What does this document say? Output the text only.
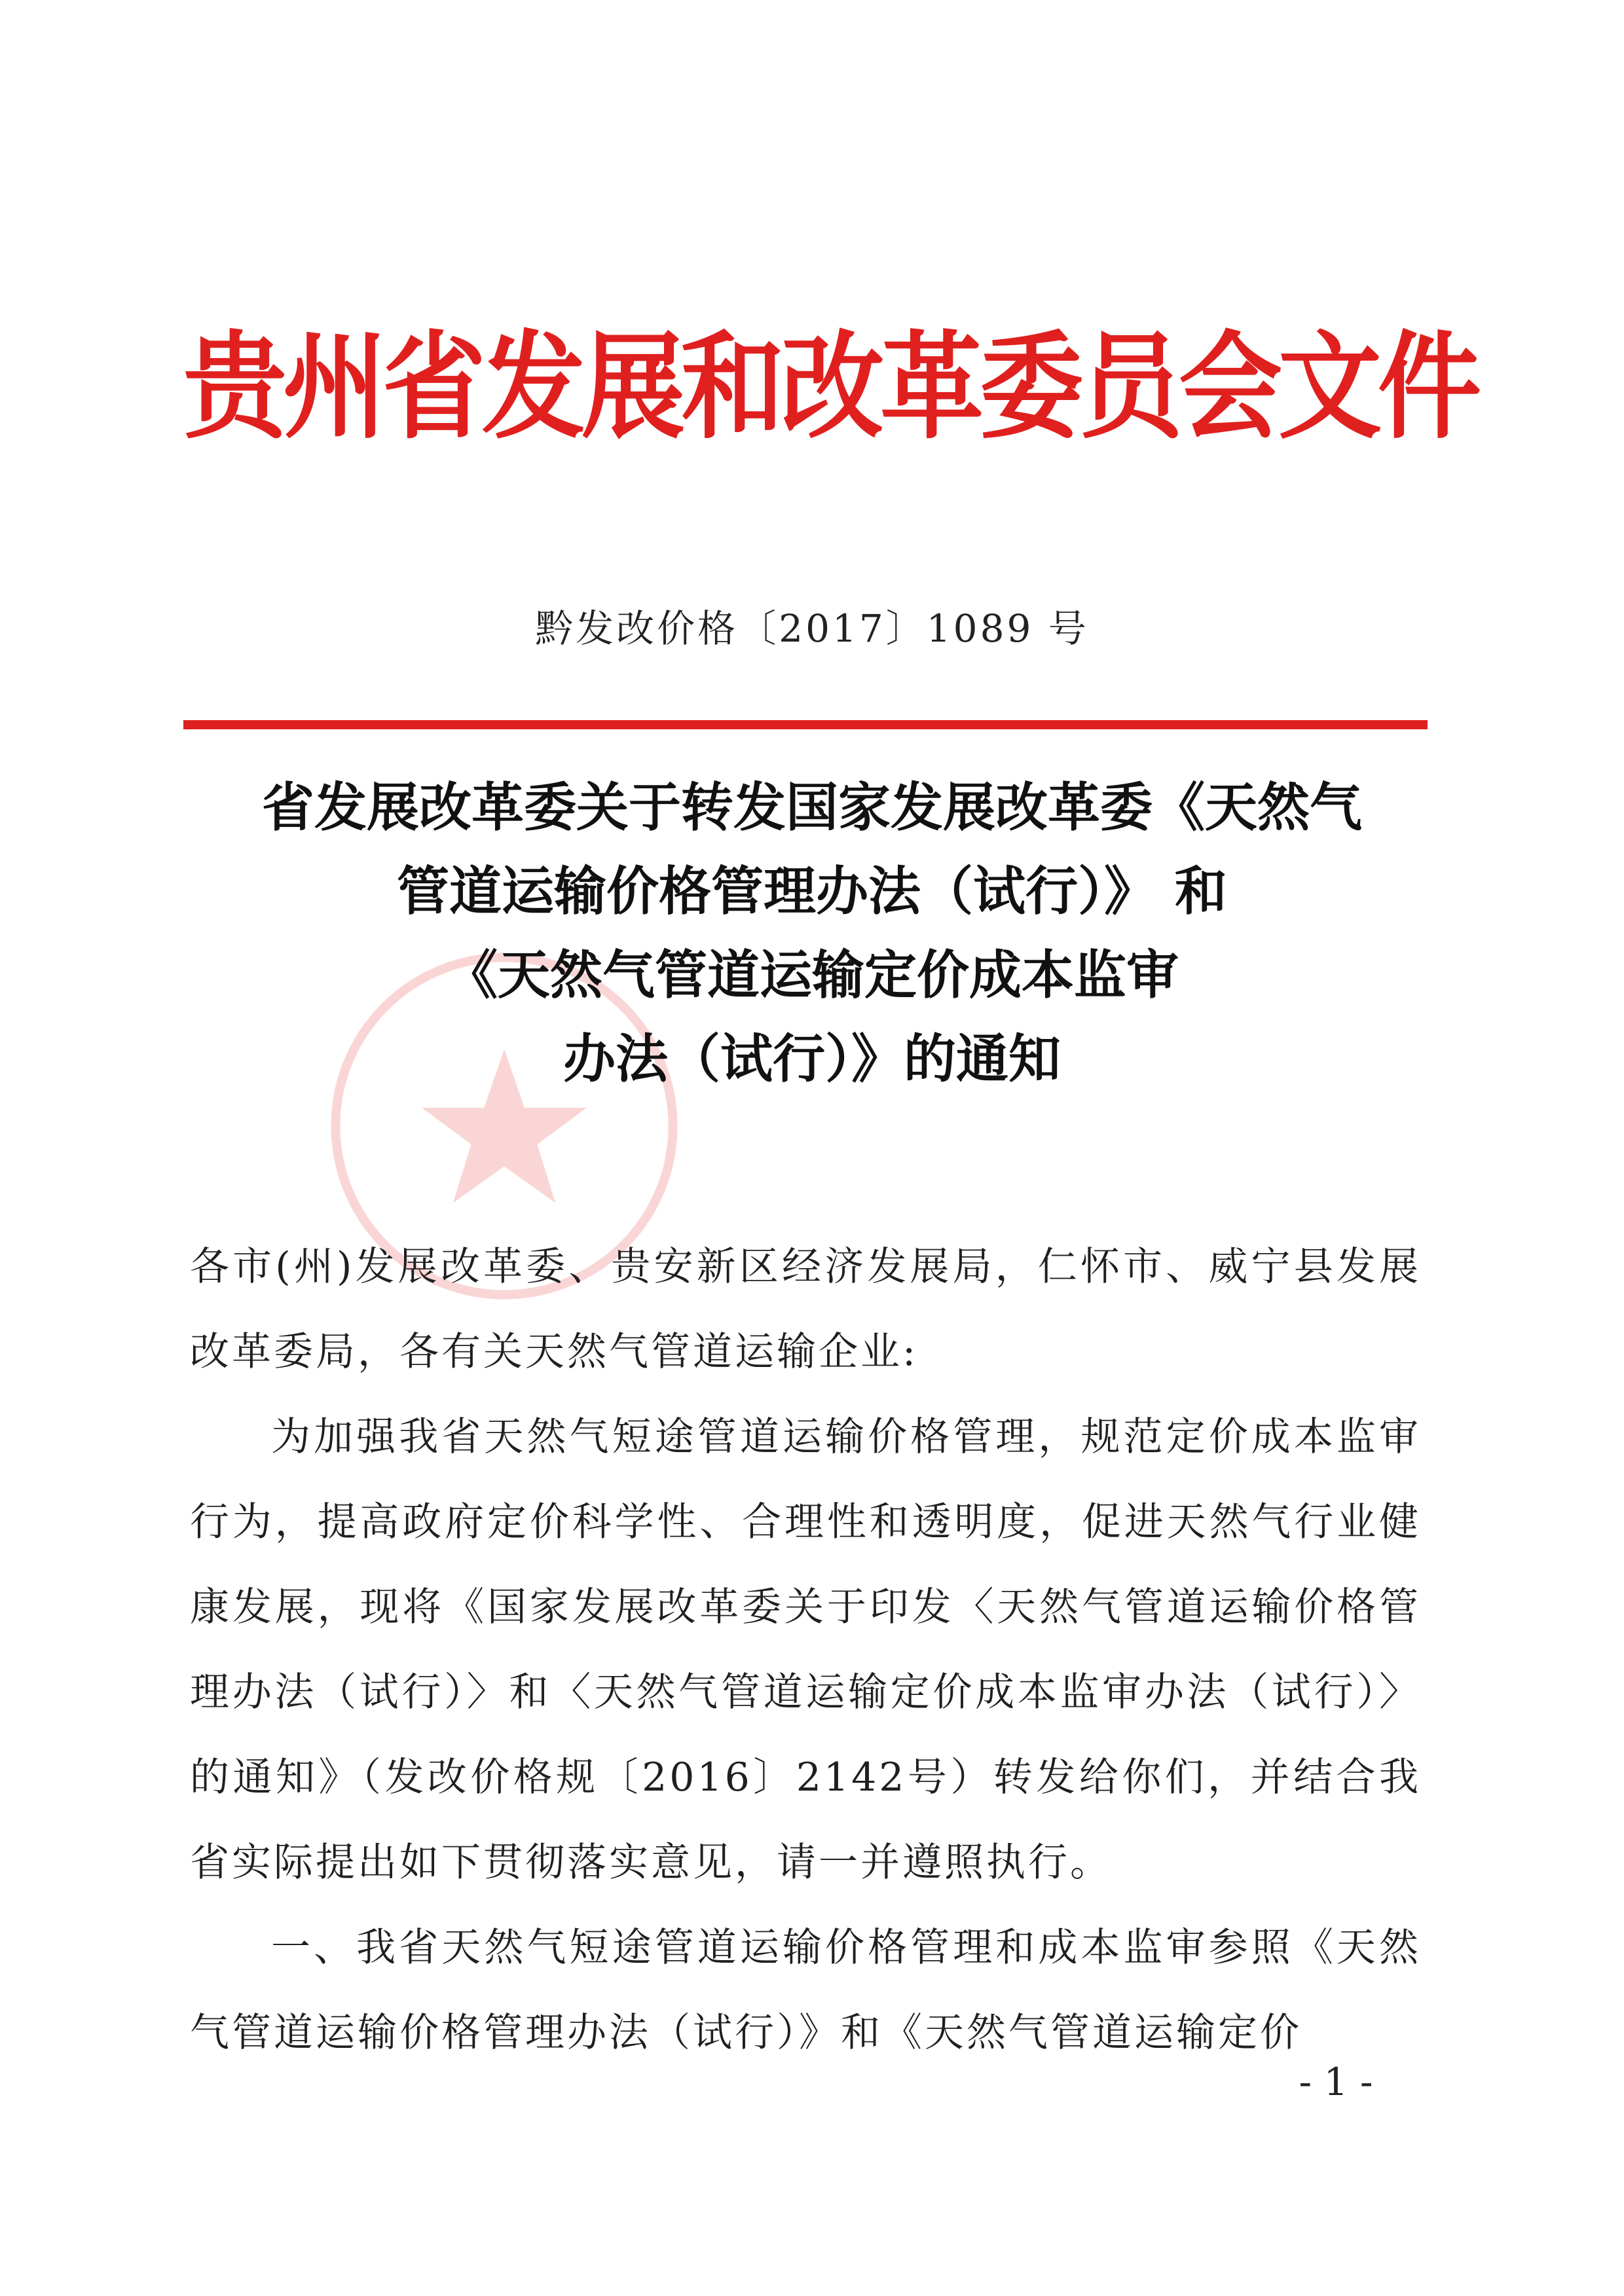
贵州省发展和改革委员会文件
黔发改价格〔2017〕1089 号
省发展改革委关于转发国家发展改革委《天然气
管道运输价格管理办法（试行）》 和
《天然气管道运输定价成本监审
办法（试行）》的通知

各市(州)发展改革委、贵安新区经济发展局，仁怀市、威宁县发展改革委局，各有关天然气管道运输企业:

为加强我省天然气短途管道运输价格管理，规范定价成本监审行为，提高政府定价科学性、合理性和透明度，促进天然气行业健康发展，现将《国家发展改革委关于印发〈天然气管道运输价格管理办法（试行）〉和〈天然气管道运输定价成本监审办法（试行）〉的通知》（发改价格规〔2016〕2142号）转发给你们，并结合我省实际提出如下贯彻落实意见，请一并遵照执行。

一、我省天然气短途管道运输价格管理和成本监审参照《天然气管道运输价格管理办法（试行）》和《天然气管道运输定价

- 1 -
